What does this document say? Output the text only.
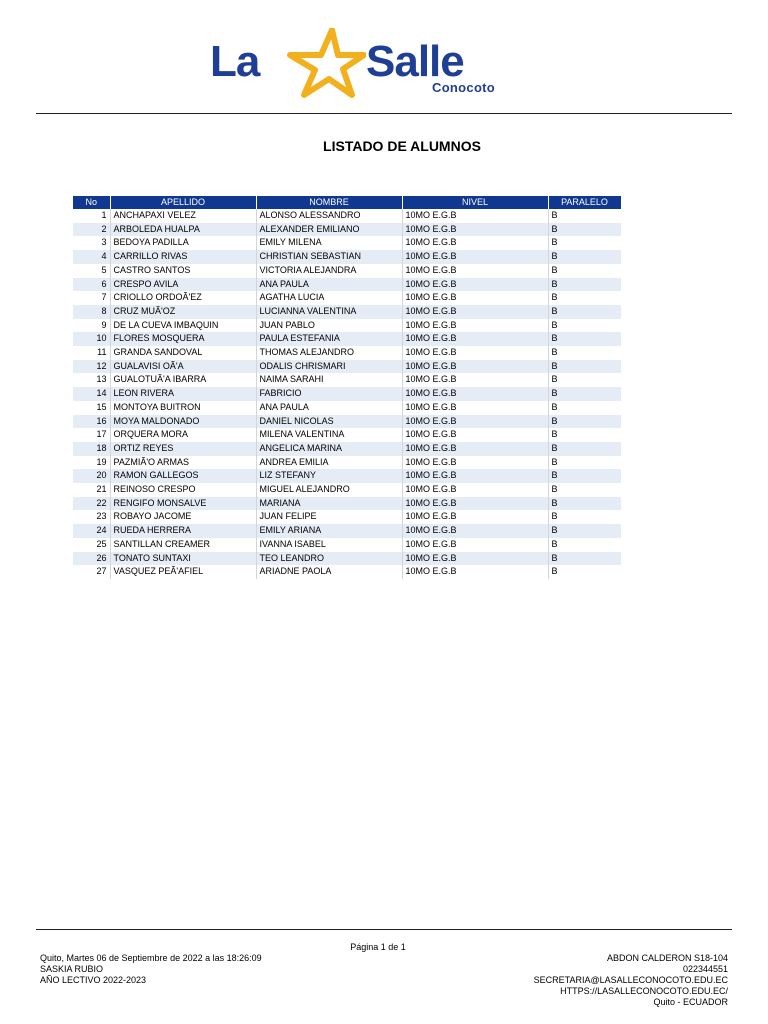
La Salle
Conocoto
LISTADO DE ALUMNOS
No	APELLIDO	NOMBRE	NIVEL	PARALELO
1	ANCHAPAXI VELEZ	ALONSO ALESSANDRO	10MO E.G.B	B
2	ARBOLEDA HUALPA	ALEXANDER EMILIANO	10MO E.G.B	B
3	BEDOYA PADILLA	EMILY MILENA	10MO E.G.B	B
4	CARRILLO RIVAS	CHRISTIAN SEBASTIAN	10MO E.G.B	B
5	CASTRO SANTOS	VICTORIA ALEJANDRA	10MO E.G.B	B
6	CRESPO AVILA	ANA PAULA	10MO E.G.B	B
7	CRIOLLO ORDOÃ'EZ	AGATHA LUCIA	10MO E.G.B	B
8	CRUZ MUÃ'OZ	LUCIANNA VALENTINA	10MO E.G.B	B
9	DE LA CUEVA IMBAQUIN	JUAN PABLO	10MO E.G.B	B
10	FLORES MOSQUERA	PAULA ESTEFANIA	10MO E.G.B	B
11	GRANDA SANDOVAL	THOMAS ALEJANDRO	10MO E.G.B	B
12	GUALAVISI OÃ'A	ODALIS CHRISMARI	10MO E.G.B	B
13	GUALOTUÃ'A IBARRA	NAIMA SARAHI	10MO E.G.B	B
14	LEON RIVERA	FABRICIO	10MO E.G.B	B
15	MONTOYA BUITRON	ANA PAULA	10MO E.G.B	B
16	MOYA MALDONADO	DANIEL NICOLAS	10MO E.G.B	B
17	ORQUERA MORA	MILENA VALENTINA	10MO E.G.B	B
18	ORTIZ REYES	ANGELICA MARINA	10MO E.G.B	B
19	PAZMIÃ'O ARMAS	ANDREA EMILIA	10MO E.G.B	B
20	RAMON GALLEGOS	LIZ STEFANY	10MO E.G.B	B
21	REINOSO CRESPO	MIGUEL ALEJANDRO	10MO E.G.B	B
22	RENGIFO MONSALVE	MARIANA	10MO E.G.B	B
23	ROBAYO JACOME	JUAN FELIPE	10MO E.G.B	B
24	RUEDA HERRERA	EMILY ARIANA	10MO E.G.B	B
25	SANTILLAN CREAMER	IVANNA ISABEL	10MO E.G.B	B
26	TONATO SUNTAXI	TEO LEANDRO	10MO E.G.B	B
27	VASQUEZ PEÃ'AFIEL	ARIADNE PAOLA	10MO E.G.B	B
Página 1 de 1
Quito, Martes 06 de Septiembre de 2022 a las 18:26:09
SASKIA RUBIO
AÑO LECTIVO 2022-2023
ABDON CALDERON S18-104
022344551
SECRETARIA@LASALLECONOCOTO.EDU.EC
HTTPS://LASALLECONOCOTO.EDU.EC/
Quito - ECUADOR
